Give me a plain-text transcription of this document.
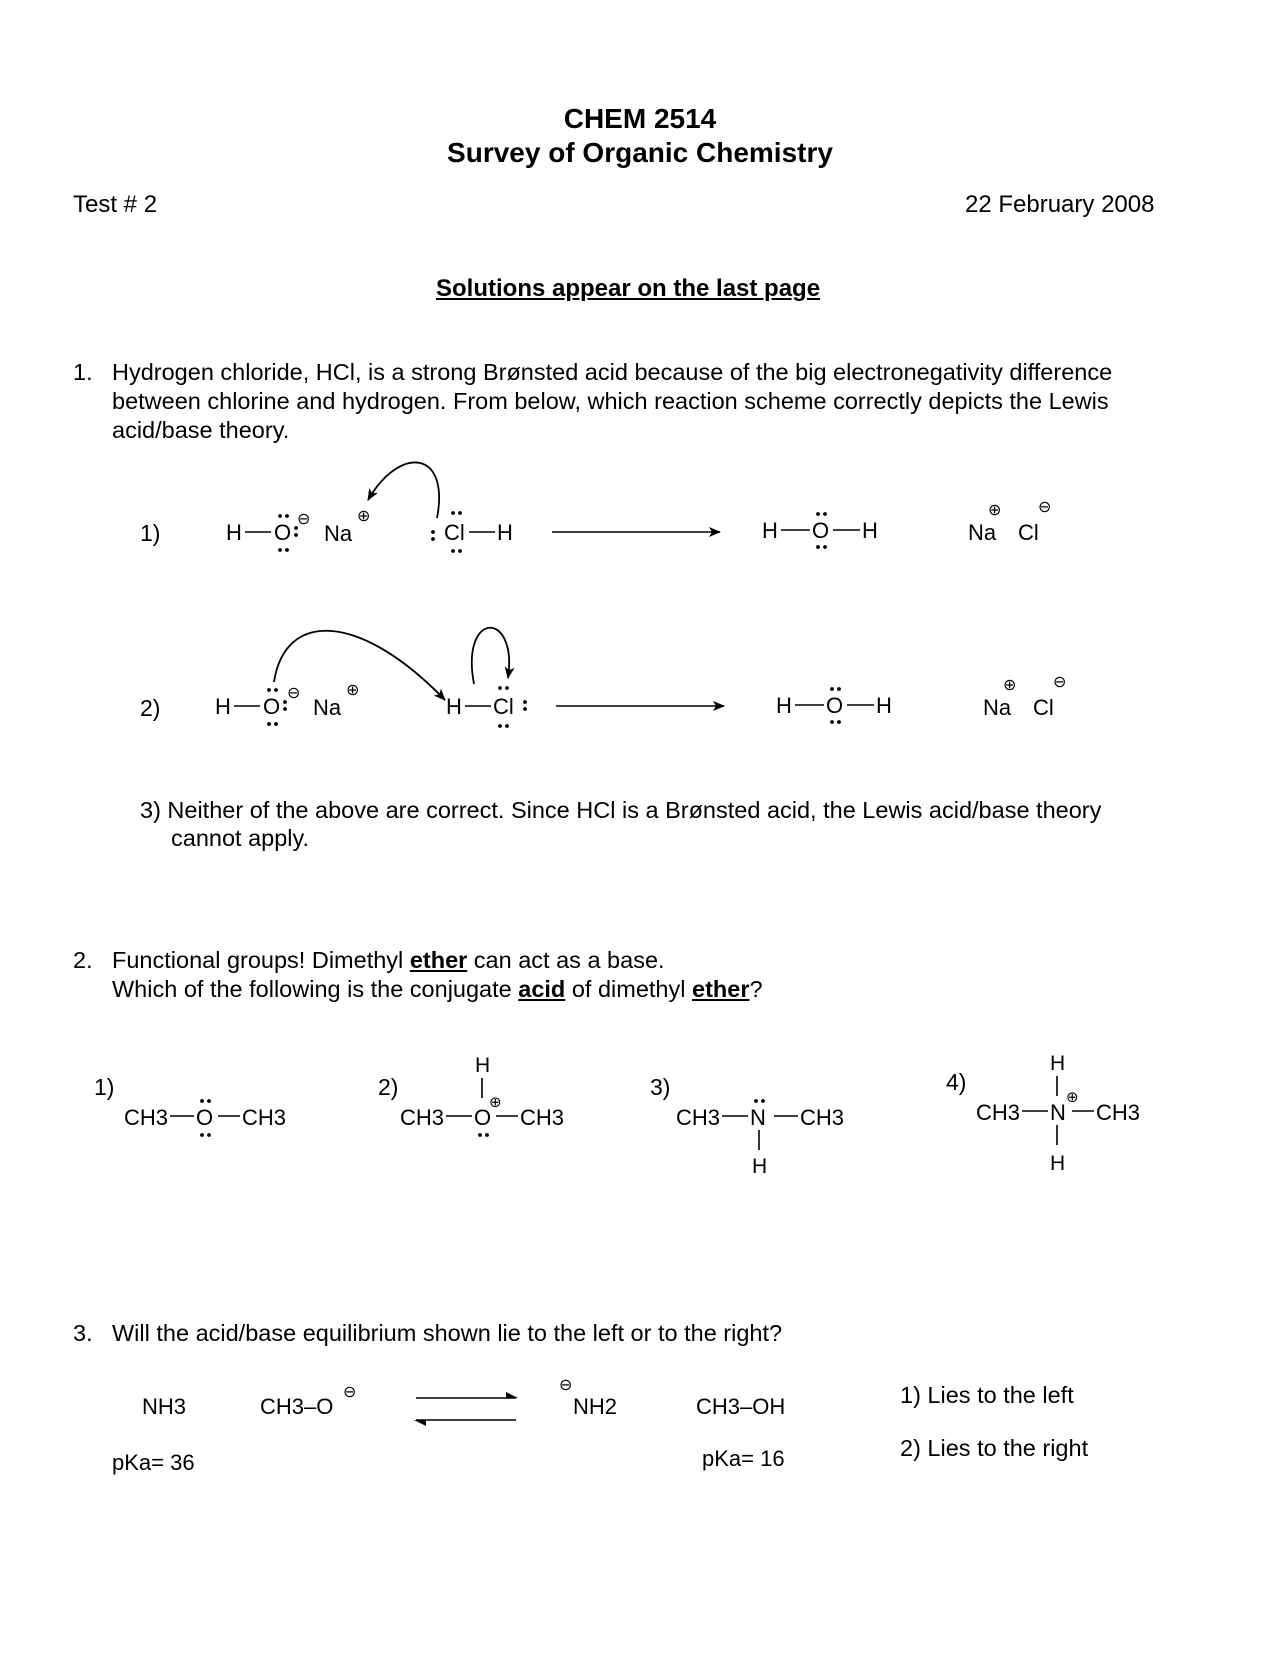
CHEM 2514
Survey of Organic Chemistry
Test # 2	22 February 2008
Solutions appear on the last page
1. Hydrogen chloride, HCl, is a strong Brønsted acid because of the big electronegativity difference
between chlorine and hydrogen. From below, which reaction scheme correctly depicts the Lewis
acid/base theory.
1)	H O
⊖
Na
⊕
Cl H	H O H	Na
⊕
Cl
⊖
2) H O
⊖
Na
⊕
H Cl	H O H	Na
⊕
Cl
⊖
3) Neither of the above are correct. Since HCl is a Brønsted acid, the Lewis acid/base theory
cannot apply.
2. Functional groups! Dimethyl ether can act as a base.
Which of the following is the conjugate acid of dimethyl ether?
1)
CH3 O CH3
2)
H
CH3 O
⊕
CH3
3)
CH3 N CH3
H
4)
H
CH3 N
⊕
CH3
H
3. Will the acid/base equilibrium shown lie to the left or to the right?
NH3	CH3–O
⊖	⊖
NH2	CH3–OH
pKa= 36	pKa= 16
1) Lies to the left
2) Lies to the right
